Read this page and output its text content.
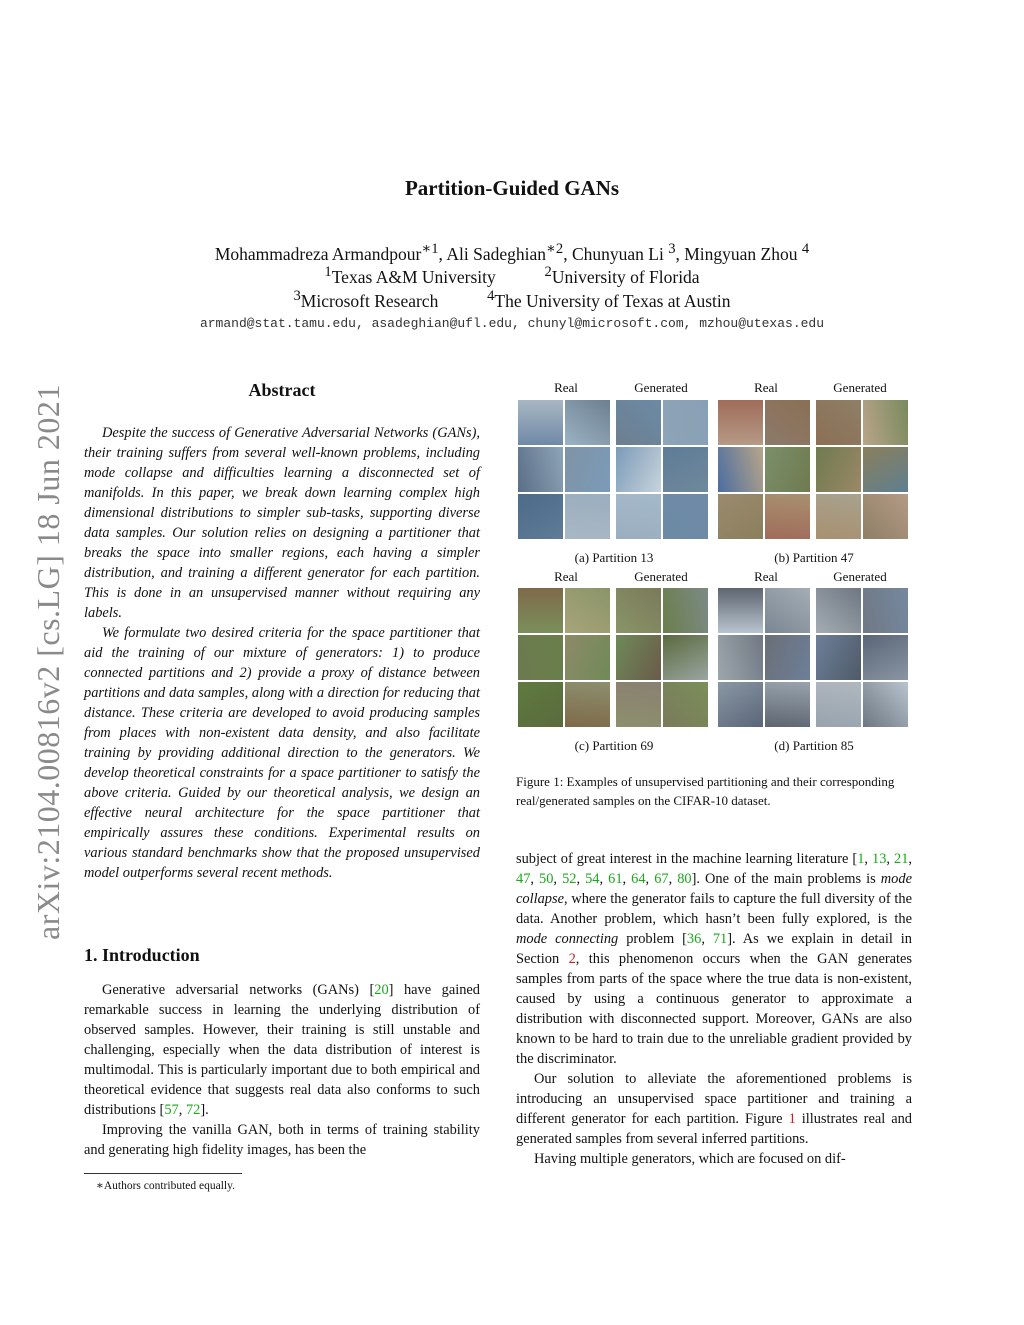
Partition-Guided GANs
Mohammadreza Armandpour$^{∗1}$, Ali Sadeghian$^{∗2}$, Chunyuan Li $^3$, Mingyuan Zhou $^4$
$^1$Texas A&M University	$^2$University of Florida
$^3$Microsoft Research	$^4$The University of Texas at Austin
armand@stat.tamu.edu, asadeghian@ufl.edu, chunyl@microsoft.com, mzhou@utexas.edu
arXiv:2104.00816v2 [cs.LG] 18 Jun 2021	Abstract

Despite the success of Generative Adversarial Networks (GANs), their training suffers from several well-known problems, including mode collapse and difficulties learning a disconnected set of manifolds. In this paper, we break down learning complex high dimensional distributions to simpler sub-tasks, supporting diverse data samples. Our solution relies on designing a partitioner that breaks the space into smaller regions, each having a simpler distribution, and training a different generator for each partition. This is done in an unsupervised manner without requiring any labels.

We formulate two desired criteria for the space partitioner that aid the training of our mixture of generators: 1) to produce connected partitions and 2) provide a proxy of distance between partitions and data samples, along with a direction for reducing that distance. These criteria are developed to avoid producing samples from places with non-existent data density, and also facilitate training by providing additional direction to the generators. We develop theoretical constraints for a space partitioner to satisfy the above criteria. Guided by our theoretical analysis, we design an effective neural architecture for the space partitioner that empirically assures these conditions. Experimental results on various standard benchmarks show that the proposed unsupervised model outperforms several recent methods.

1. Introduction

Generative adversarial networks (GANs) [20] have gained remarkable success in learning the underlying distribution of observed samples. However, their training is still unstable and challenging, especially when the data distribution of interest is multimodal. This is particularly important due to both empirical and theoretical evidence that suggests real data also conforms to such distributions [57, 72].

Improving the vanilla GAN, both in terms of training stability and generating high fidelity images, has been the

∗Authors contributed equally.
Real	Generated	Real	Generated
(a) Partition 13	(b) Partition 47
Real	Generated	Real	Generated
(c) Partition 69	(d) Partition 85
Figure 1: Examples of unsupervised partitioning and their corresponding real/generated samples on the CIFAR-10 dataset.

subject of great interest in the machine learning literature [1, 13, 21, 47, 50, 52, 54, 61, 64, 67, 80]. One of the main problems is mode collapse, where the generator fails to capture the full diversity of the data. Another problem, which hasn’t been fully explored, is the mode connecting problem [36, 71]. As we explain in detail in Section 2, this phenomenon occurs when the GAN generates samples from parts of the space where the true data is non-existent, caused by using a continuous generator to approximate a distribution with disconnected support. Moreover, GANs are also known to be hard to train due to the unreliable gradient provided by the discriminator.

Our solution to alleviate the aforementioned problems is introducing an unsupervised space partitioner and training a different generator for each partition. Figure 1 illustrates real and generated samples from several inferred partitions.

Having multiple generators, which are focused on dif-
